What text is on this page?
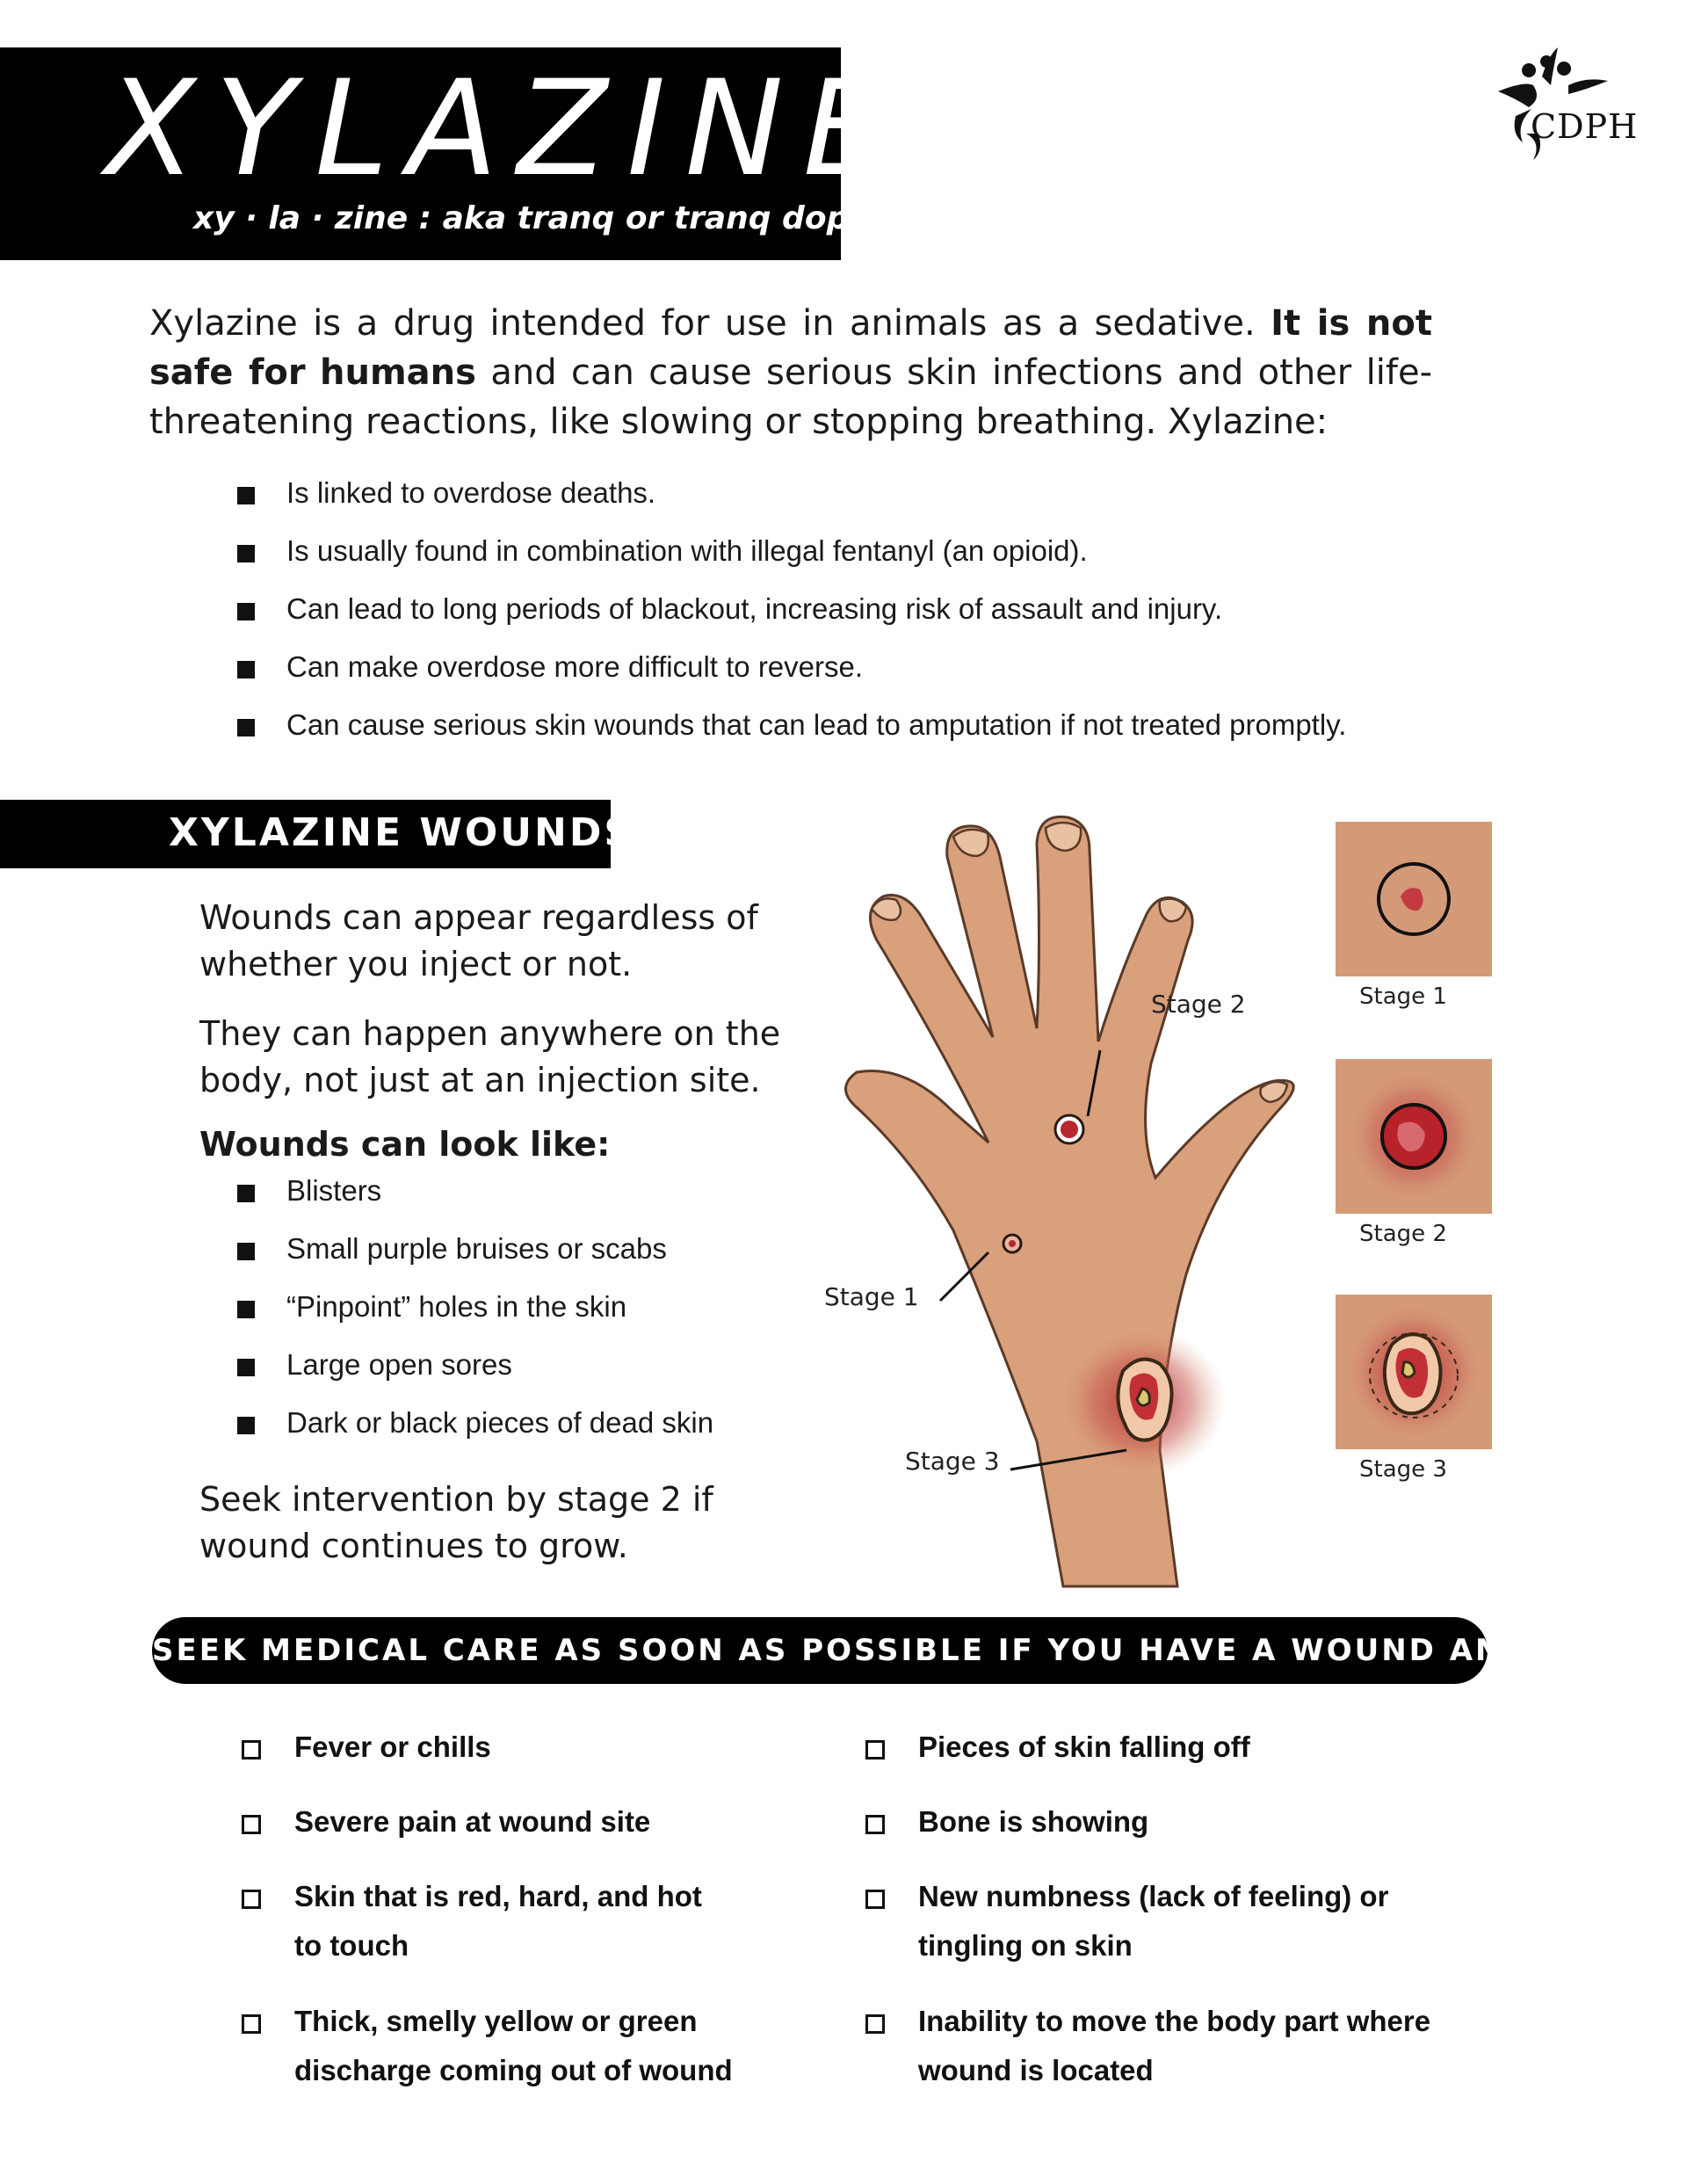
XYLAZINE
xy · la · zine : aka tranq or tranq dope
CDPH
Xylazine is a drug intended for use in animals as a sedative. It is not safe for humans and can cause serious skin infections and other life-threatening reactions, like slowing or stopping breathing. Xylazine:
Is linked to overdose deaths.
Is usually found in combination with illegal fentanyl (an opioid).
Can lead to long periods of blackout, increasing risk of assault and injury.
Can make overdose more difficult to reverse.
Can cause serious skin wounds that can lead to amputation if not treated promptly.
XYLAZINE WOUNDS
Wounds can appear regardless of whether you inject or not.
They can happen anywhere on the body, not just at an injection site.
Wounds can look like:
Blisters
Small purple bruises or scabs
“Pinpoint” holes in the skin
Large open sores
Dark or black pieces of dead skin
Seek intervention by stage 2 if wound continues to grow.
Stage 2
Stage 1
Stage 3
Stage 1
Stage 2
Stage 3
SEEK MEDICAL CARE AS SOON AS POSSIBLE IF YOU HAVE A WOUND AND:
Fever or chills
Severe pain at wound site
Skin that is red, hard, and hot to touch
Thick, smelly yellow or green discharge coming out of wound
Pieces of skin falling off
Bone is showing
New numbness (lack of feeling) or tingling on skin
Inability to move the body part where wound is located
